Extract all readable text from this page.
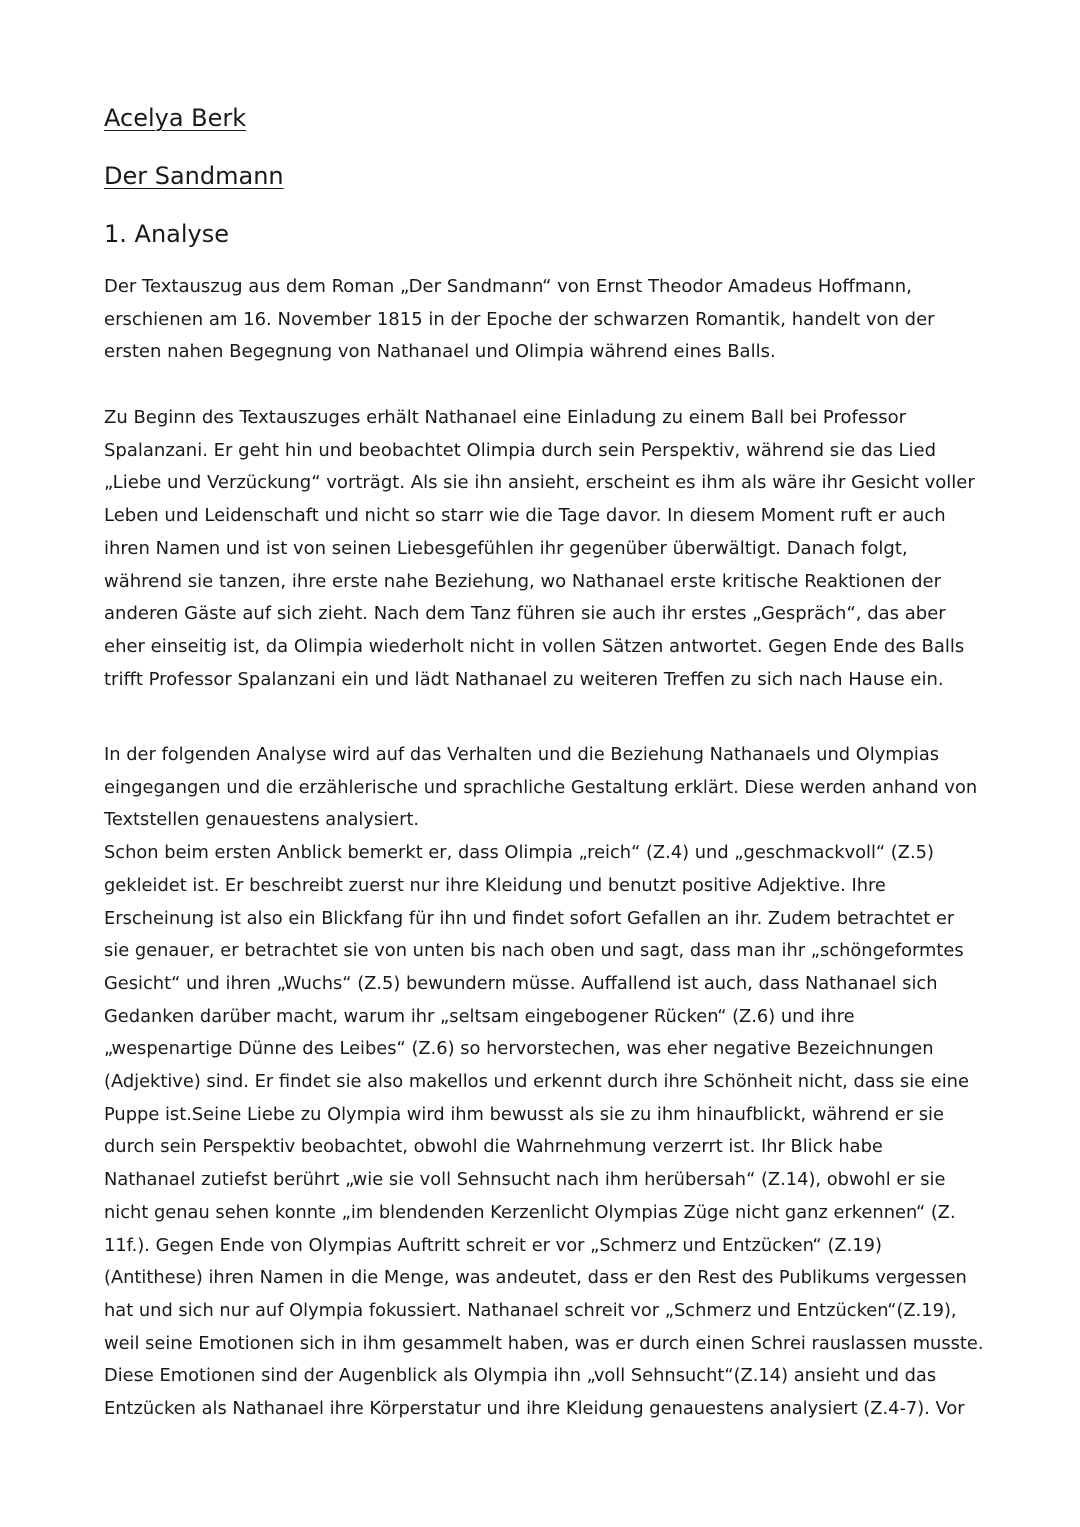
Acelya Berk
Der Sandmann
1. Analyse
Der Textauszug aus dem Roman „Der Sandmann“ von Ernst Theodor Amadeus Hoffmann,
erschienen am 16. November 1815 in der Epoche der schwarzen Romantik, handelt von der
ersten nahen Begegnung von Nathanael und Olimpia während eines Balls.
Zu Beginn des Textauszuges erhält Nathanael eine Einladung zu einem Ball bei Professor
Spalanzani. Er geht hin und beobachtet Olimpia durch sein Perspektiv, während sie das Lied
„Liebe und Verzückung“ vorträgt. Als sie ihn ansieht, erscheint es ihm als wäre ihr Gesicht voller
Leben und Leidenschaft und nicht so starr wie die Tage davor. In diesem Moment ruft er auch
ihren Namen und ist von seinen Liebesgefühlen ihr gegenüber überwältigt. Danach folgt,
während sie tanzen, ihre erste nahe Beziehung, wo Nathanael erste kritische Reaktionen der
anderen Gäste auf sich zieht. Nach dem Tanz führen sie auch ihr erstes „Gespräch“, das aber
eher einseitig ist, da Olimpia wiederholt nicht in vollen Sätzen antwortet. Gegen Ende des Balls
trifft Professor Spalanzani ein und lädt Nathanael zu weiteren Treffen zu sich nach Hause ein.
In der folgenden Analyse wird auf das Verhalten und die Beziehung Nathanaels und Olympias
eingegangen und die erzählerische und sprachliche Gestaltung erklärt. Diese werden anhand von
Textstellen genauestens analysiert.
Schon beim ersten Anblick bemerkt er, dass Olimpia „reich“ (Z.4) und „geschmackvoll“ (Z.5)
gekleidet ist. Er beschreibt zuerst nur ihre Kleidung und benutzt positive Adjektive. Ihre
Erscheinung ist also ein Blickfang für ihn und findet sofort Gefallen an ihr. Zudem betrachtet er
sie genauer, er betrachtet sie von unten bis nach oben und sagt, dass man ihr „schöngeformtes
Gesicht“ und ihren „Wuchs“ (Z.5) bewundern müsse. Auffallend ist auch, dass Nathanael sich
Gedanken darüber macht, warum ihr „seltsam eingebogener Rücken“ (Z.6) und ihre
„wespenartige Dünne des Leibes“ (Z.6) so hervorstechen, was eher negative Bezeichnungen
(Adjektive) sind. Er findet sie also makellos und erkennt durch ihre Schönheit nicht, dass sie eine
Puppe ist.Seine Liebe zu Olympia wird ihm bewusst als sie zu ihm hinaufblickt, während er sie
durch sein Perspektiv beobachtet, obwohl die Wahrnehmung verzerrt ist. Ihr Blick habe
Nathanael zutiefst berührt „wie sie voll Sehnsucht nach ihm herübersah“ (Z.14), obwohl er sie
nicht genau sehen konnte „im blendenden Kerzenlicht Olympias Züge nicht ganz erkennen“ (Z.
11f.). Gegen Ende von Olympias Auftritt schreit er vor „Schmerz und Entzücken“ (Z.19)
(Antithese) ihren Namen in die Menge, was andeutet, dass er den Rest des Publikums vergessen
hat und sich nur auf Olympia fokussiert. Nathanael schreit vor „Schmerz und Entzücken“(Z.19),
weil seine Emotionen sich in ihm gesammelt haben, was er durch einen Schrei rauslassen musste.
Diese Emotionen sind der Augenblick als Olympia ihn „voll Sehnsucht“(Z.14) ansieht und das
Entzücken als Nathanael ihre Körperstatur und ihre Kleidung genauestens analysiert (Z.4-7). Vor
